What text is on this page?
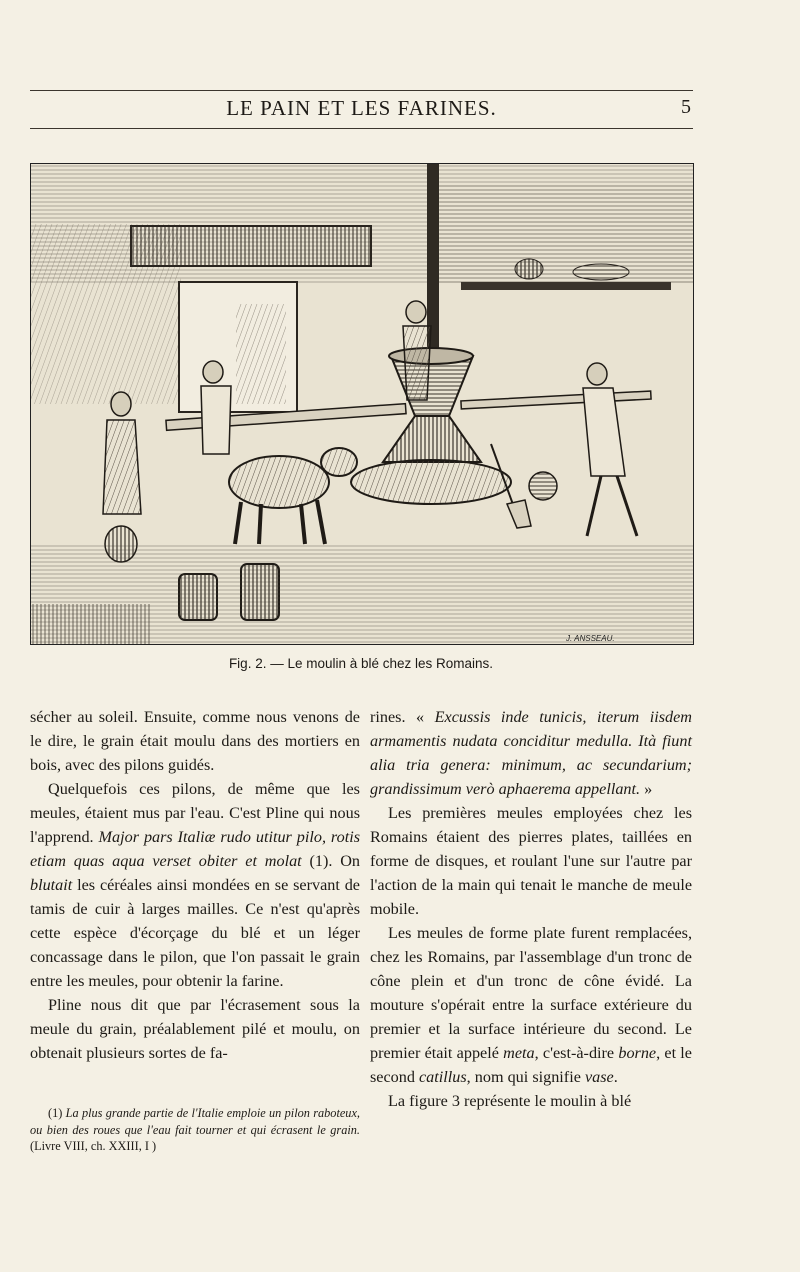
LE PAIN ET LES FARINES.	5
J. ANSSEAU.
Fig. 2. — Le moulin à blé chez les Romains.

sécher au soleil. Ensuite, comme nous venons de le dire, le grain était moulu dans des mortiers en bois, avec des pilons guidés.

Quelquefois ces pilons, de même que les meules, étaient mus par l'eau. C'est Pline qui nous l'apprend. Major pars Italiæ rudo utitur pilo, rotis etiam quas aqua verset obiter et molat (1). On blutait les céréales ainsi mondées en se servant de tamis de cuir à larges mailles. Ce n'est qu'après cette espèce d'écorçage du blé et un léger concassage dans le pilon, que l'on passait le grain entre les meules, pour obtenir la farine.

Pline nous dit que par l'écrasement sous la meule du grain, préalablement pilé et moulu, on obtenait plusieurs sortes de fa-

(1) La plus grande partie de l'Italie emploie un pilon raboteux, ou bien des roues que l'eau fait tourner et qui écrasent le grain. (Livre VIII, ch. XXIII, I )

rines. « Excussis inde tunicis, iterum iisdem armamentis nudata conciditur medulla. Ità fiunt alia tria genera: minimum, ac secundarium; grandissimum verò aphaerema appellant. »

Les premières meules employées chez les Romains étaient des pierres plates, taillées en forme de disques, et roulant l'une sur l'autre par l'action de la main qui tenait le manche de meule mobile.

Les meules de forme plate furent remplacées, chez les Romains, par l'assemblage d'un tronc de cône plein et d'un tronc de cône évidé. La mouture s'opérait entre la surface extérieure du premier et la surface intérieure du second. Le premier était appelé meta, c'est-à-dire borne, et le second catillus, nom qui signifie vase.

La figure 3 représente le moulin à blé
